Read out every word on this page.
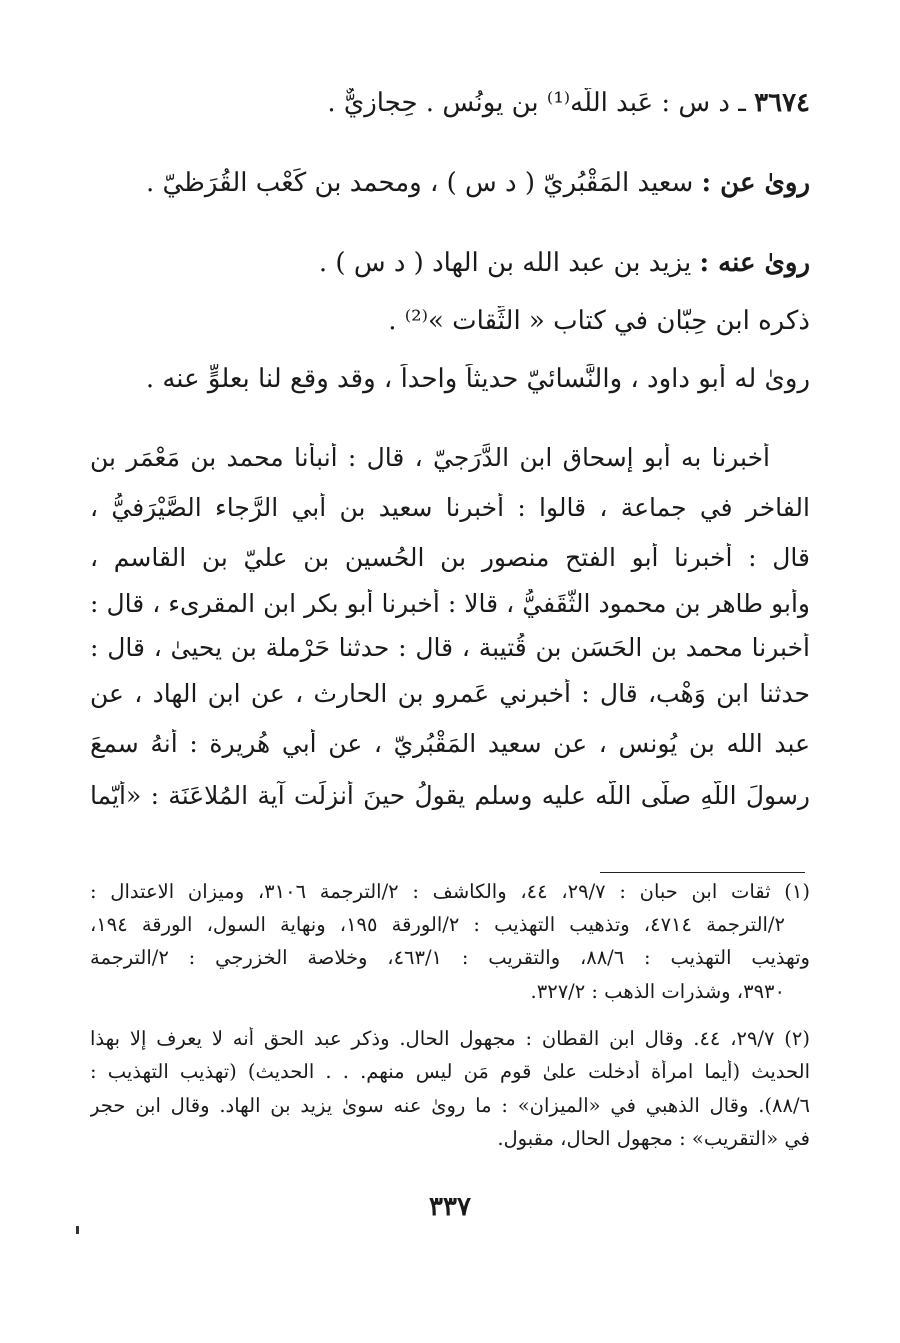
٣٦٧٤ ـ د س : عَبد اللَّه⁽¹⁾ بن يونُس . حِجازيٌّ .
روىٰ عن : سعيد المَقْبُريّ ( د س ) ، ومحمد بن كَعْب القُرَظيّ .
روىٰ عنه : يزيد بن عبد الله بن الهاد ( د س ) .
ذكره ابن حِبّان في كتاب « الثِّقات »⁽²⁾ .
روىٰ له أبو داود ، والنَّسائيّ حديثاً واحداً ، وقد وقع لنا بعلوٍّ عنه .
أخبرنا به أبو إسحاق ابن الدَّرَجيّ ، قال : أنبأنا محمد بن مَعْمَر بن
الفاخر في جماعة ، قالوا : أخبرنا سعيد بن أبي الرَّجاء الصَّيْرَفيُّ ،
قال : أخبرنا أبو الفتح منصور بن الحُسين بن عليّ بن القاسم ،
وأبو طاهر بن محمود الثَّقَفيُّ ، قالا : أخبرنا أبو بكر ابن المقرىء ، قال :
أخبرنا محمد بن الحَسَن بن قُتيبة ، قال : حدثنا حَرْملة بن يحيىٰ ، قال :
حدثنا ابن وَهْب، قال : أخبرني عَمرو بن الحارث ، عن ابن الهاد ، عن
عبد الله بن يُونس ، عن سعيد المَقْبُريّ ، عن أبي هُريرة : أنهُ سمعَ
رسولَ اللَّهِ صلّى اللَّه عليه وسلم يقولُ حينَ أُنزلَت آية المُلاعَنَة : «أيّما
(١) ثقات ابن حبان : ٢٩/٧، ٤٤، والكاشف : ٢/الترجمة ٣١٠٦، وميزان الاعتدال :
٢/الترجمة ٤٧١٤، وتذهيب التهذيب : ٢/الورقة ١٩٥، ونهاية السول، الورقة ١٩٤،
وتهذيب التهذيب : ٨٨/٦، والتقريب : ٤٦٣/١، وخلاصة الخزرجي : ٢/الترجمة
٣٩٣٠، وشذرات الذهب : ٣٢٧/٢.
(٢) ٢٩/٧، ٤٤. وقال ابن القطان : مجهول الحال. وذكر عبد الحق أنه لا يعرف إلا بهذا
الحديث (أيما امرأة أدخلت علىٰ قوم مَن ليس منهم. . . الحديث) (تهذيب التهذيب :
٨٨/٦). وقال الذهبي في «الميزان» : ما روىٰ عنه سوىٰ يزيد بن الهاد. وقال ابن حجر
في «التقريب» : مجهول الحال، مقبول.
٣٣٧
